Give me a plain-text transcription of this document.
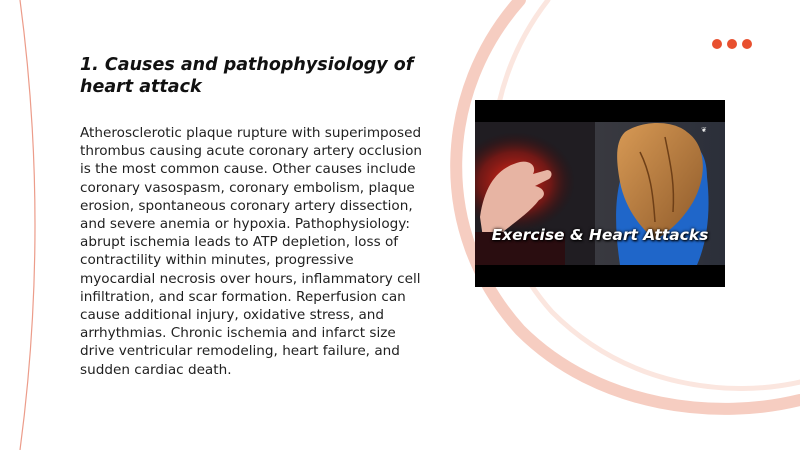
1. Causes and pathophysiology of heart attack

Atherosclerotic plaque rupture with superimposed thrombus causing acute coronary artery occlusion is the most common cause. Other causes include coronary vasospasm, coronary embolism, plaque erosion, spontaneous coronary artery dissection, and severe anemia or hypoxia. Pathophysiology: abrupt ischemia leads to ATP depletion, loss of contractility within minutes, progressive myocardial necrosis over hours, inflammatory cell infiltration, and scar formation. Reperfusion can cause additional injury, oxidative stress, and arrhythmias. Chronic ischemia and infarct size drive ventricular remodeling, heart failure, and sudden cardiac death.

❦
Exercise & Heart Attacks
